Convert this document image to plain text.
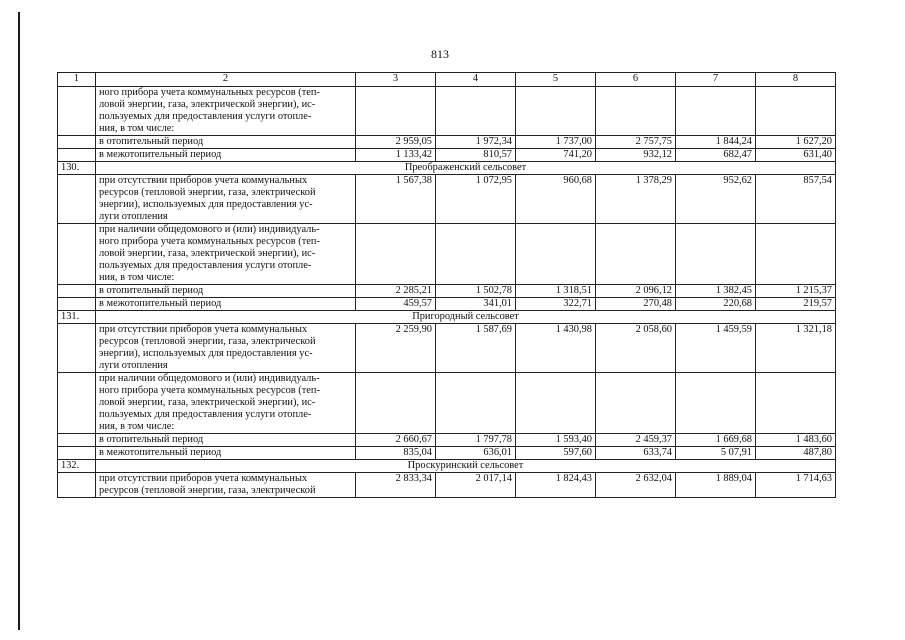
813
1	2	3	4	5	6	7	8

	ного прибора учета коммунальных ресурсов (теп-
ловой энергии, газа, электрической энергии), ис-
пользуемых для предоставления услуги отопле-
ния, в том числе:						

	в отопительный период	2 959,05	1 972,34	1 737,00	2 757,75	1 844,24	1 627,20

	в межотопительный период	1 133,42	810,57	741,20	932,12	682,47	631,40
130.	Преображенский сельсовет						

	при отсутствии приборов учета коммунальных
ресурсов (тепловой энергии, газа, электрической
энергии), используемых для предоставления ус-
луги отопления	1 567,38	1 072,95	960,68	1 378,29	952,62	857,54

	при наличии общедомового и (или) индивидуаль-
ного прибора учета коммунальных ресурсов (теп-
ловой энергии, газа, электрической энергии), ис-
пользуемых для предоставления услуги отопле-
ния, в том числе:						

	в отопительный период	2 285,21	1 502,78	1 318,51	2 096,12	1 382,45	1 215,37

	в межотопительный период	459,57	341,01	322,71	270,48	220,68	219,57
131.	Пригородный сельсовет						

	при отсутствии приборов учета коммунальных
ресурсов (тепловой энергии, газа, электрической
энергии), используемых для предоставления ус-
луги отопления	2 259,90	1 587,69	1 430,98	2 058,60	1 459,59	1 321,18

	при наличии общедомового и (или) индивидуаль-
ного прибора учета коммунальных ресурсов (теп-
ловой энергии, газа, электрической энергии), ис-
пользуемых для предоставления услуги отопле-
ния, в том числе:						

	в отопительный период	2 660,67	1 797,78	1 593,40	2 459,37	1 669,68	1 483,60

	в межотопительный период	835,04	636,01	597,60	633,74	5 07,91	487,80
132.	Проскуринский сельсовет						

	при отсутствии приборов учета коммунальных
ресурсов (тепловой энергии, газа, электрической	2 833,34	2 017,14	1 824,43	2 632,04	1 889,04	1 714,63
